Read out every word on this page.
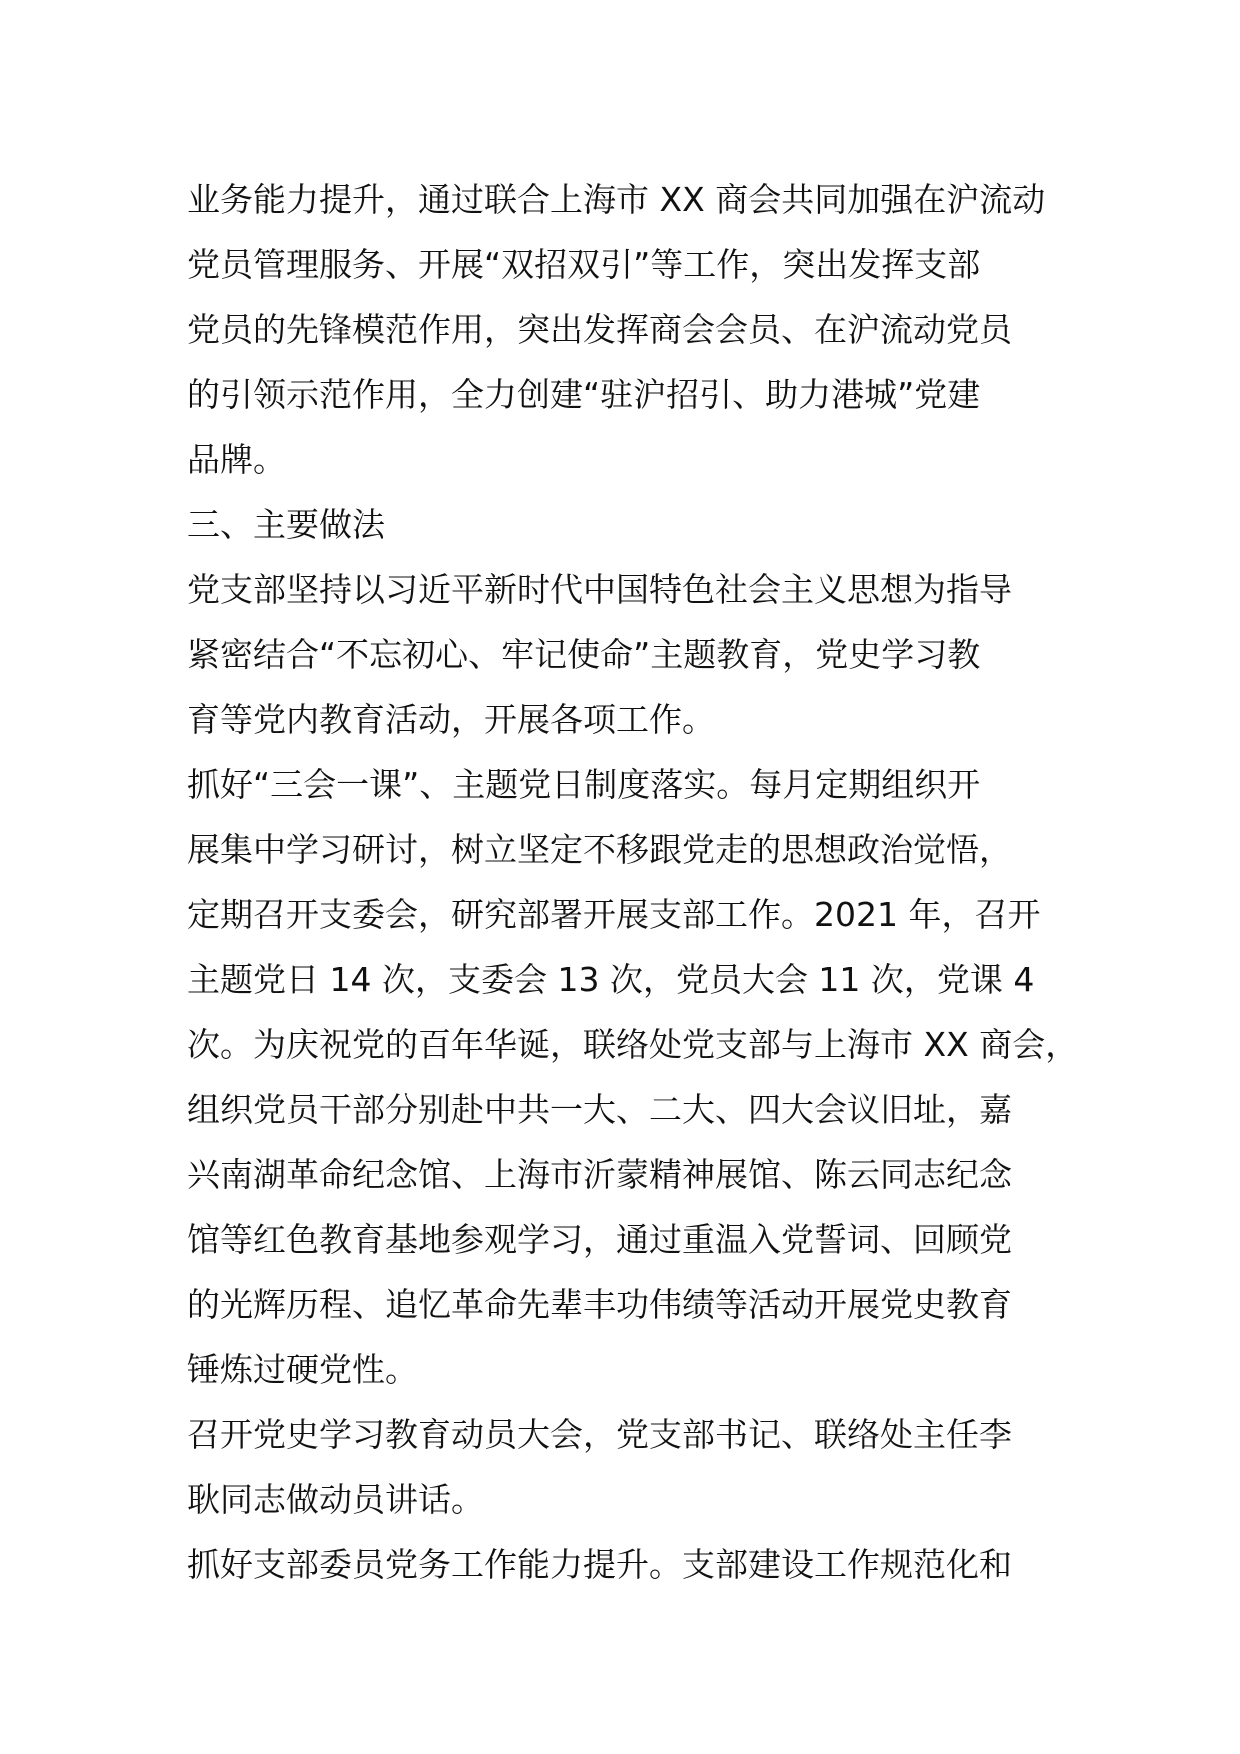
业务能力提升，通过联合上海市 XX 商会共同加强在沪流动
党员管理服务、开展“双招双引”等工作，突出发挥支部
党员的先锋模范作用，突出发挥商会会员、在沪流动党员
的引领示范作用，全力创建“驻沪招引、助力港城”党建
品牌。
三、主要做法
党支部坚持以习近平新时代中国特色社会主义思想为指导
紧密结合“不忘初心、牢记使命”主题教育，党史学习教
育等党内教育活动，开展各项工作。
抓好“三会一课”、主题党日制度落实。每月定期组织开
展集中学习研讨，树立坚定不移跟党走的思想政治觉悟，
定期召开支委会，研究部署开展支部工作。2021 年，召开
主题党日 14 次，支委会 13 次，党员大会 11 次，党课 4
次。为庆祝党的百年华诞，联络处党支部与上海市 XX 商会，
组织党员干部分别赴中共一大、二大、四大会议旧址，嘉
兴南湖革命纪念馆、上海市沂蒙精神展馆、陈云同志纪念
馆等红色教育基地参观学习，通过重温入党誓词、回顾党
的光辉历程、追忆革命先辈丰功伟绩等活动开展党史教育
锤炼过硬党性。
召开党史学习教育动员大会，党支部书记、联络处主任李
耿同志做动员讲话。
抓好支部委员党务工作能力提升。支部建设工作规范化和
